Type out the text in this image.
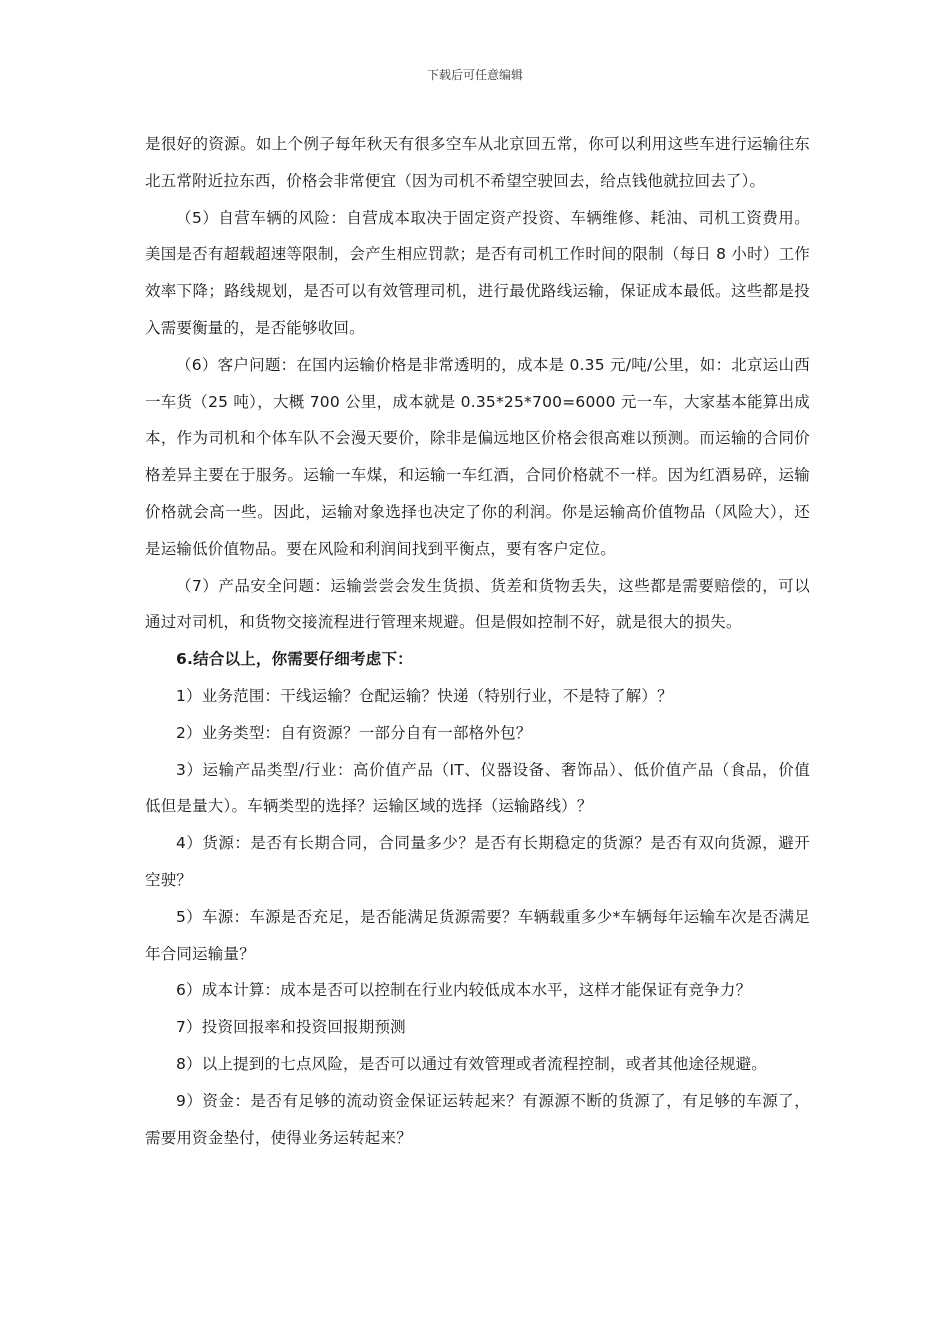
下载后可任意编辑

是很好的资源。如上个例子每年秋天有很多空车从北京回五常，你可以利用这些车进行运输往东北五常附近拉东西，价格会非常便宜（因为司机不希望空驶回去，给点钱他就拉回去了）。

（5）自营车辆的风险：自营成本取决于固定资产投资、车辆维修、耗油、司机工资费用。美国是否有超载超速等限制，会产生相应罚款；是否有司机工作时间的限制（每日 8 小时）工作效率下降；路线规划，是否可以有效管理司机，进行最优路线运输，保证成本最低。这些都是投入需要衡量的，是否能够收回。

（6）客户问题：在国内运输价格是非常透明的，成本是 0.35 元/吨/公里，如：北京运山西一车货（25 吨），大概 700 公里，成本就是 0.35*25*700=6000 元一车，大家基本能算出成本，作为司机和个体车队不会漫天要价，除非是偏远地区价格会很高难以预测。而运输的合同价格差异主要在于服务。运输一车煤，和运输一车红酒，合同价格就不一样。因为红酒易碎，运输价格就会高一些。因此，运输对象选择也决定了你的利润。你是运输高价值物品（风险大），还是运输低价值物品。要在风险和利润间找到平衡点，要有客户定位。

（7）产品安全问题：运输尝尝会发生货损、货差和货物丢失，这些都是需要赔偿的，可以通过对司机，和货物交接流程进行管理来规避。但是假如控制不好，就是很大的损失。

6.结合以上，你需要仔细考虑下：

1）业务范围：干线运输？仓配运输？快递（特别行业，不是特了解）？

2）业务类型：自有资源？一部分自有一部格外包？

3）运输产品类型/行业：高价值产品（IT、仪器设备、奢饰品）、低价值产品（食品，价值低但是量大）。车辆类型的选择？运输区域的选择（运输路线）？

4）货源：是否有长期合同，合同量多少？是否有长期稳定的货源？是否有双向货源，避开空驶？

5）车源：车源是否充足，是否能满足货源需要？车辆载重多少*车辆每年运输车次是否满足年合同运输量？

6）成本计算：成本是否可以控制在行业内较低成本水平，这样才能保证有竞争力？

7）投资回报率和投资回报期预测

8）以上提到的七点风险，是否可以通过有效管理或者流程控制，或者其他途径规避。

9）资金：是否有足够的流动资金保证运转起来？有源源不断的货源了，有足够的车源了，需要用资金垫付，使得业务运转起来？
